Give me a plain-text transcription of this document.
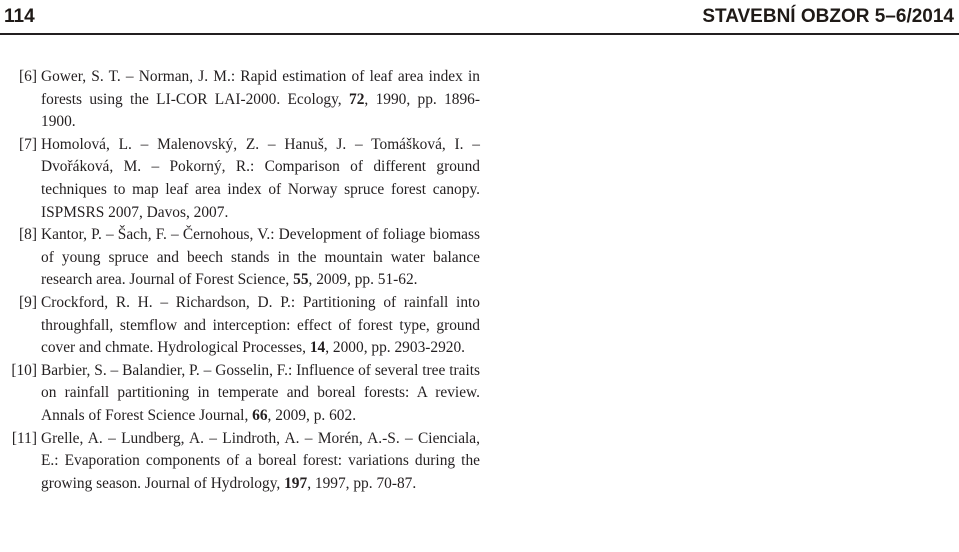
114	STAVEBNÍ OBZOR 5–6/2014
[6] Gower, S. T. – Norman, J. M.: Rapid estimation of leaf area index in forests using the LI-COR LAI-2000. Ecology, 72, 1990, pp. 1896-1900.
[7] Homolová, L. – Malenovský, Z. – Hanuš, J. – Tomášková, I. – Dvořáková, M. – Pokorný, R.: Comparison of different ground techniques to map leaf area index of Norway spruce forest canopy. ISPMSRS 2007, Davos, 2007.
[8] Kantor, P. – Šach, F. – Černohous, V.: Development of foliage biomass of young spruce and beech stands in the mountain water balance research area. Journal of Forest Science, 55, 2009, pp. 51-62.
[9] Crockford, R. H. – Richardson, D. P.: Partitioning of rainfall into throughfall, stemflow and interception: effect of forest type, ground cover and chmate. Hydrological Processes, 14, 2000, pp. 2903-2920.
[10] Barbier, S. – Balandier, P. – Gosselin, F.: Influence of several tree traits on rainfall partitioning in temperate and boreal forests: A review. Annals of Forest Science Journal, 66, 2009, p. 602.
[11] Grelle, A. – Lundberg, A. – Lindroth, A. – Morén, A.-S. – Cienciala, E.: Evaporation components of a boreal forest: variations during the growing season. Journal of Hydrology, 197, 1997, pp. 70-87.
